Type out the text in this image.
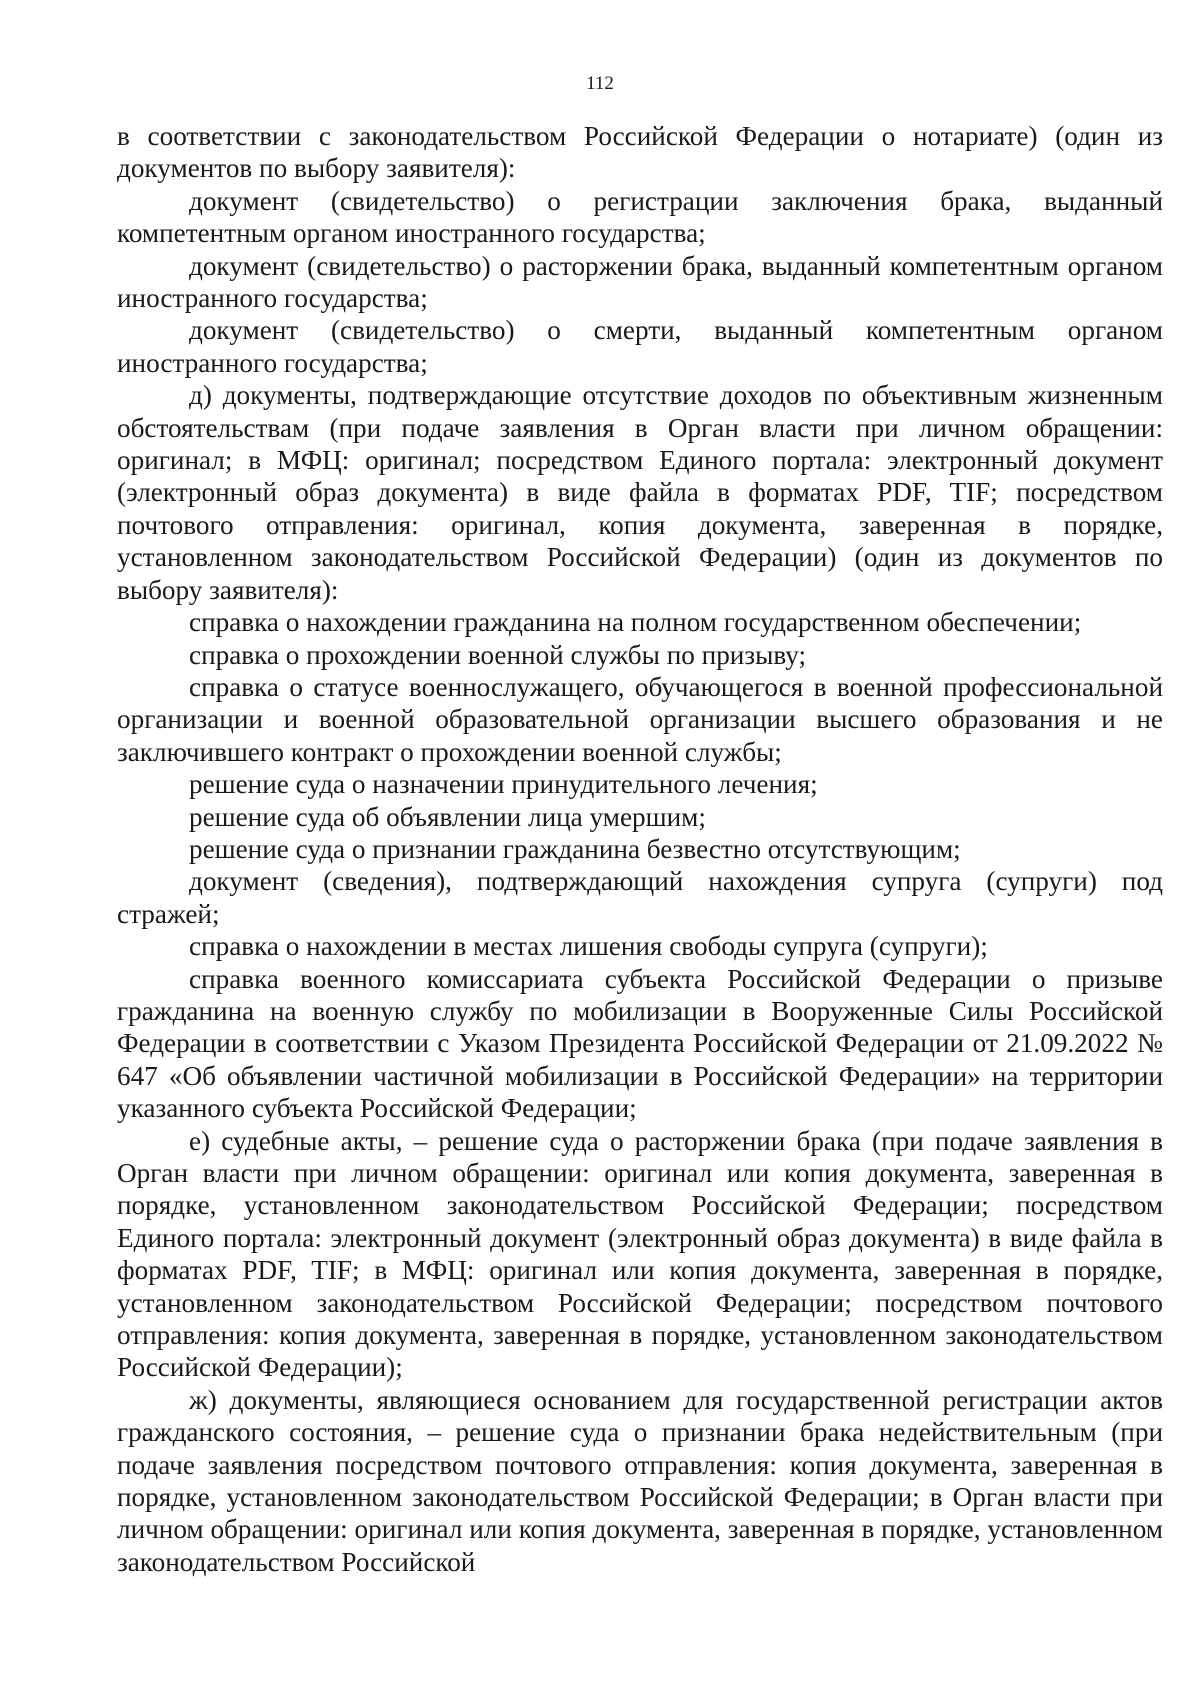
112

в соответствии с законодательством Российской Федерации о нотариате) (один из документов по выбору заявителя):

документ (свидетельство) о регистрации заключения брака, выданный компетентным органом иностранного государства;

документ (свидетельство) о расторжении брака, выданный компетентным органом иностранного государства;

документ (свидетельство) о смерти, выданный компетентным органом иностранного государства;

д) документы, подтверждающие отсутствие доходов по объективным жизненным обстоятельствам (при подаче заявления в Орган власти при личном обращении: оригинал; в МФЦ: оригинал; посредством Единого портала: электронный документ (электронный образ документа) в виде файла в форматах PDF, TIF; посредством почтового отправления: оригинал, копия документа, заверенная в порядке, установленном законодательством Российской Федерации) (один из документов по выбору заявителя):

справка о нахождении гражданина на полном государственном обеспечении;

справка о прохождении военной службы по призыву;

справка о статусе военнослужащего, обучающегося в военной профессиональной организации и военной образовательной организации высшего образования и не заключившего контракт о прохождении военной службы;

решение суда о назначении принудительного лечения;

решение суда об объявлении лица умершим;

решение суда о признании гражданина безвестно отсутствующим;

документ (сведения), подтверждающий нахождения супруга (супруги) под стражей;

справка о нахождении в местах лишения свободы супруга (супруги);

справка военного комиссариата субъекта Российской Федерации о призыве гражданина на военную службу по мобилизации в Вооруженные Силы Российской Федерации в соответствии с Указом Президента Российской Федерации от 21.09.2022 № 647 «Об объявлении частичной мобилизации в Российской Федерации» на территории указанного субъекта Российской Федерации;

е) судебные акты, – решение суда о расторжении брака (при подаче заявления в Орган власти при личном обращении: оригинал или копия документа, заверенная в порядке, установленном законодательством Российской Федерации; посредством Единого портала: электронный документ (электронный образ документа) в виде файла в форматах PDF, TIF; в МФЦ: оригинал или копия документа, заверенная в порядке, установленном законодательством Российской Федерации; посредством почтового отправления: копия документа, заверенная в порядке, установленном законодательством Российской Федерации);

ж) документы, являющиеся основанием для государственной регистрации актов гражданского состояния, – решение суда о признании брака недействительным (при подаче заявления посредством почтового отправления: копия документа, заверенная в порядке, установленном законодательством Российской Федерации; в Орган власти при личном обращении: оригинал или копия документа, заверенная в порядке, установленном законодательством Российской
